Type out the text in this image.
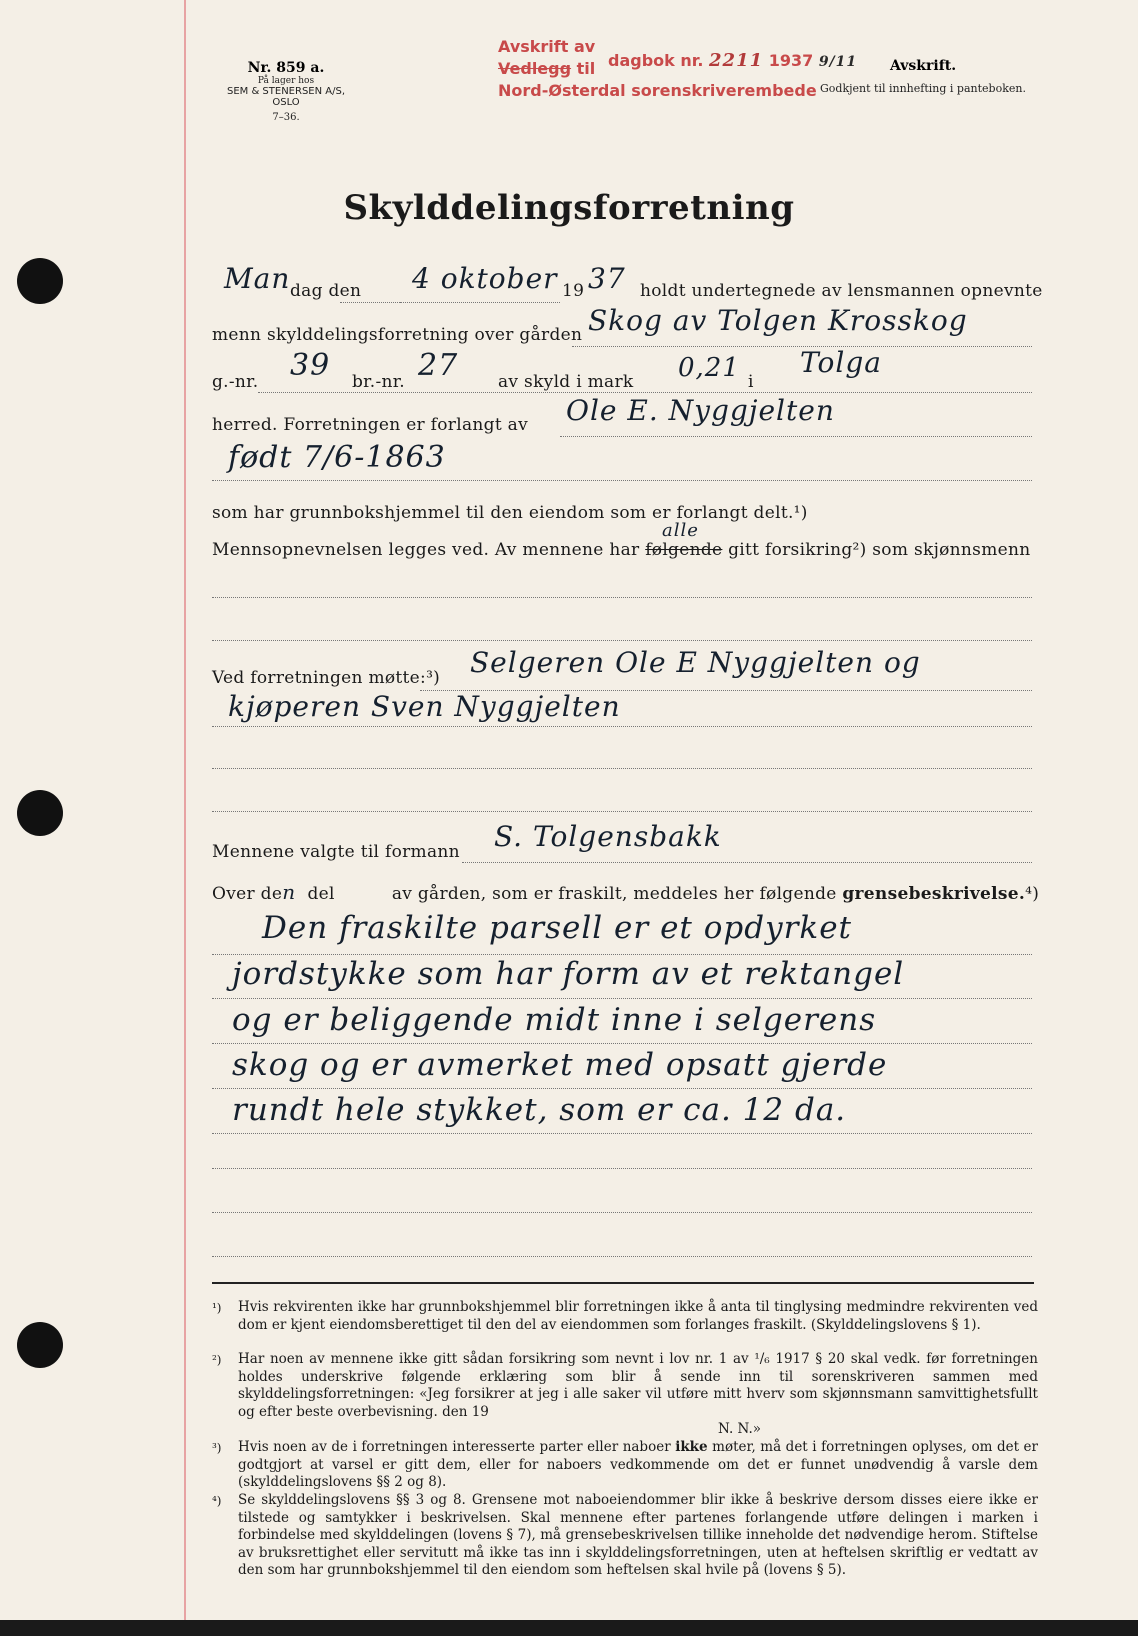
Nr. 859 a.
På lager hos
SEM & STENERSEN A/S, OSLO
7–36.
Avskrift av
Vedlegg til
Nord-Østerdal sorenskriverembede
dagbok nr. 2211 1937 9/11 Avskrift.
Godkjent til innhefting i panteboken.
Skylddelingsforretning
Man dag den 4 oktober 19 37 holdt undertegnede av lensmannen opnevnte
menn skylddelingsforretning over gården Skog av Tolgen Krosskog
g.-nr. 39 br.-nr. 27 av skyld i mark 0,21 i
Tolga
herred. Forretningen er forlangt av Ole E. Nyggjelten
født 7/6-1863
som har grunnbokshjemmel til den eiendom som er forlangt delt.¹)
Mennsopnevnelsen legges ved. Av mennene har følgende gitt forsikring²) som skjønnsmenn
alle
Ved forretningen møtte:³) Selgeren Ole E Nyggjelten og
kjøperen Sven Nyggjelten
Mennene valgte til formann S. Tolgensbakk
Over den del          av gården, som er fraskilt, meddeles her følgende grensebeskrivelse.⁴)
Den fraskilte parsell er et opdyrket
jordstykke som har form av et rektangel
og er beliggende midt inne i selgerens
skog og er avmerket med opsatt gjerde
rundt hele stykket, som er ca. 12 da.
¹) Hvis rekvirenten ikke har grunnbokshjemmel blir forretningen ikke å anta til tinglysing medmindre rekvirenten ved dom er kjent eiendomsberettiget til den del av eiendommen som forlanges fraskilt. (Skylddelingslovens § 1).
²) Har noen av mennene ikke gitt sådan forsikring som nevnt i lov nr. 1 av ¹/₆ 1917 § 20 skal vedk. før forretningen holdes underskrive følgende erklæring som blir å sende inn til sorenskriveren sammen med skylddelingsforretningen: «Jeg forsikrer at jeg i alle saker vil utføre mitt hverv som skjønnsmann samvittighetsfullt og efter beste overbevisning. den 19
N. N.»
³) Hvis noen av de i forretningen interesserte parter eller naboer ikke møter, må det i forretningen oplyses, om det er godtgjort at varsel er gitt dem, eller for naboers vedkommende om det er funnet unødvendig å varsle dem (skylddelingslovens §§ 2 og 8).
⁴) Se skylddelingslovens §§ 3 og 8. Grensene mot naboeiendommer blir ikke å beskrive dersom disses eiere ikke er tilstede og samtykker i beskrivelsen. Skal mennene efter partenes forlangende utføre delingen i marken i forbindelse med skylddelingen (lovens § 7), må grensebeskrivelsen tillike inneholde det nødvendige herom. Stiftelse av bruksrettighet eller servitutt må ikke tas inn i skylddelingsforretningen, uten at heftelsen skriftlig er vedtatt av den som har grunnbokshjemmel til den eiendom som heftelsen skal hvile på (lovens § 5).
